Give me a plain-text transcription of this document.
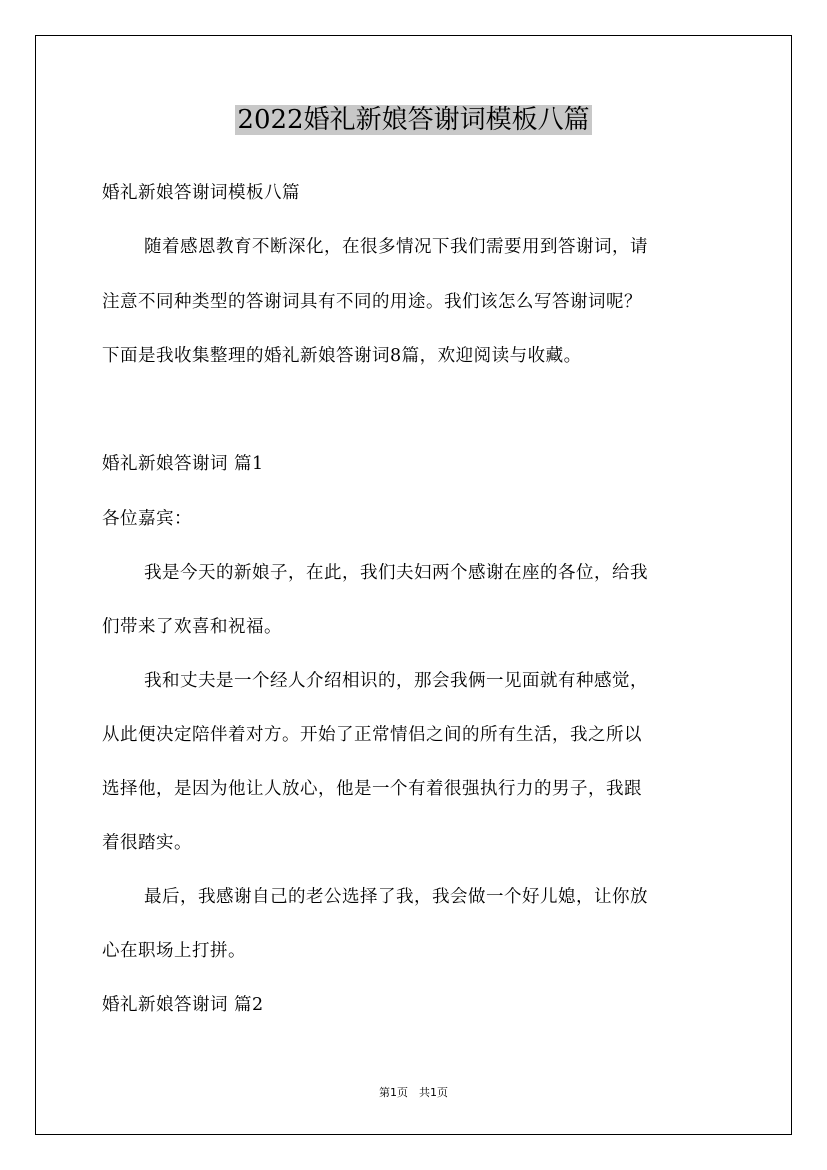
2022婚礼新娘答谢词模板八篇
婚礼新娘答谢词模板八篇
随着感恩教育不断深化，在很多情况下我们需要用到答谢词，请
注意不同种类型的答谢词具有不同的用途。我们该怎么写答谢词呢？
下面是我收集整理的婚礼新娘答谢词8篇，欢迎阅读与收藏。
婚礼新娘答谢词 篇1
各位嘉宾：
我是今天的新娘子，在此，我们夫妇两个感谢在座的各位，给我
们带来了欢喜和祝福。
我和丈夫是一个经人介绍相识的，那会我俩一见面就有种感觉，
从此便决定陪伴着对方。开始了正常情侣之间的所有生活，我之所以
选择他，是因为他让人放心，他是一个有着很强执行力的男子，我跟
着很踏实。
最后，我感谢自己的老公选择了我，我会做一个好儿媳，让你放
心在职场上打拼。
婚礼新娘答谢词 篇2
第1页　共1页
